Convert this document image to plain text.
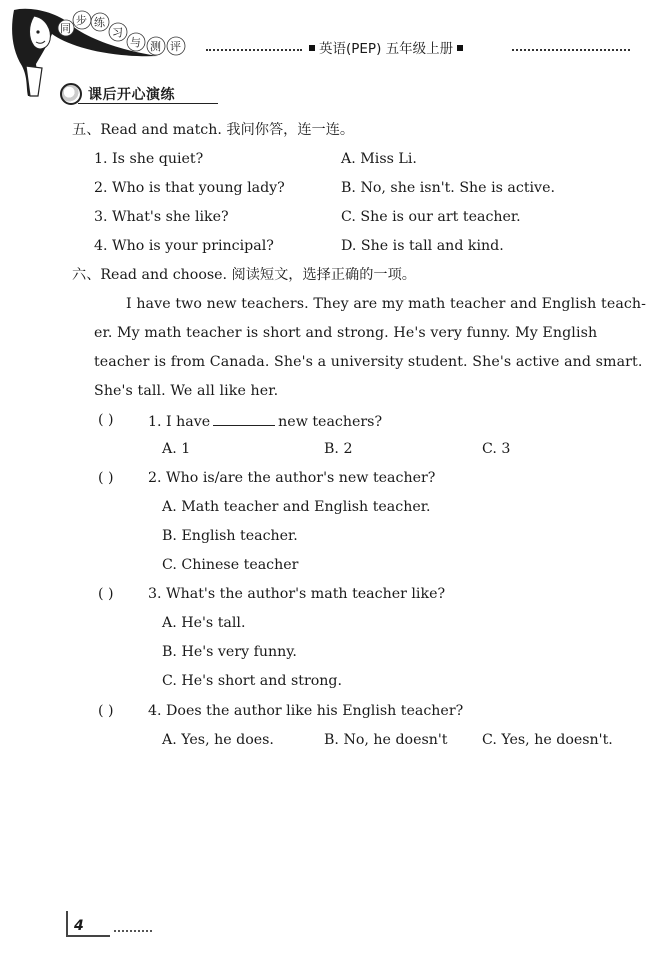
同
步 练
习
与 测 评	英语(PEP) 五年级上册
课后开心演练
五、Read and match. 我问你答，连一连。
1. Is she quiet?	A. Miss Li.
2. Who is that young lady?	B. No, she isn't. She is active.
3. What's she like?	C. She is our art teacher.
4. Who is your principal?	D. She is tall and kind.
六、Read and choose. 阅读短文，选择正确的一项。
I have two new teachers. They are my math teacher and English teach-
er. My math teacher is short and strong. He's very funny. My English
teacher is from Canada. She's a university student. She's active and smart.
She's tall. We all like her.
( ) 1. I have	new teachers?
A. 1	B. 2	C. 3
( ) 2. Who is/are the author's new teacher?
A. Math teacher and English teacher.
B. English teacher.
C. Chinese teacher
( ) 3. What's the author's math teacher like?
A. He's tall.
B. He's very funny.
C. He's short and strong.
( ) 4. Does the author like his English teacher?
A. Yes, he does.	B. No, he doesn't C. Yes, he doesn't.
4
